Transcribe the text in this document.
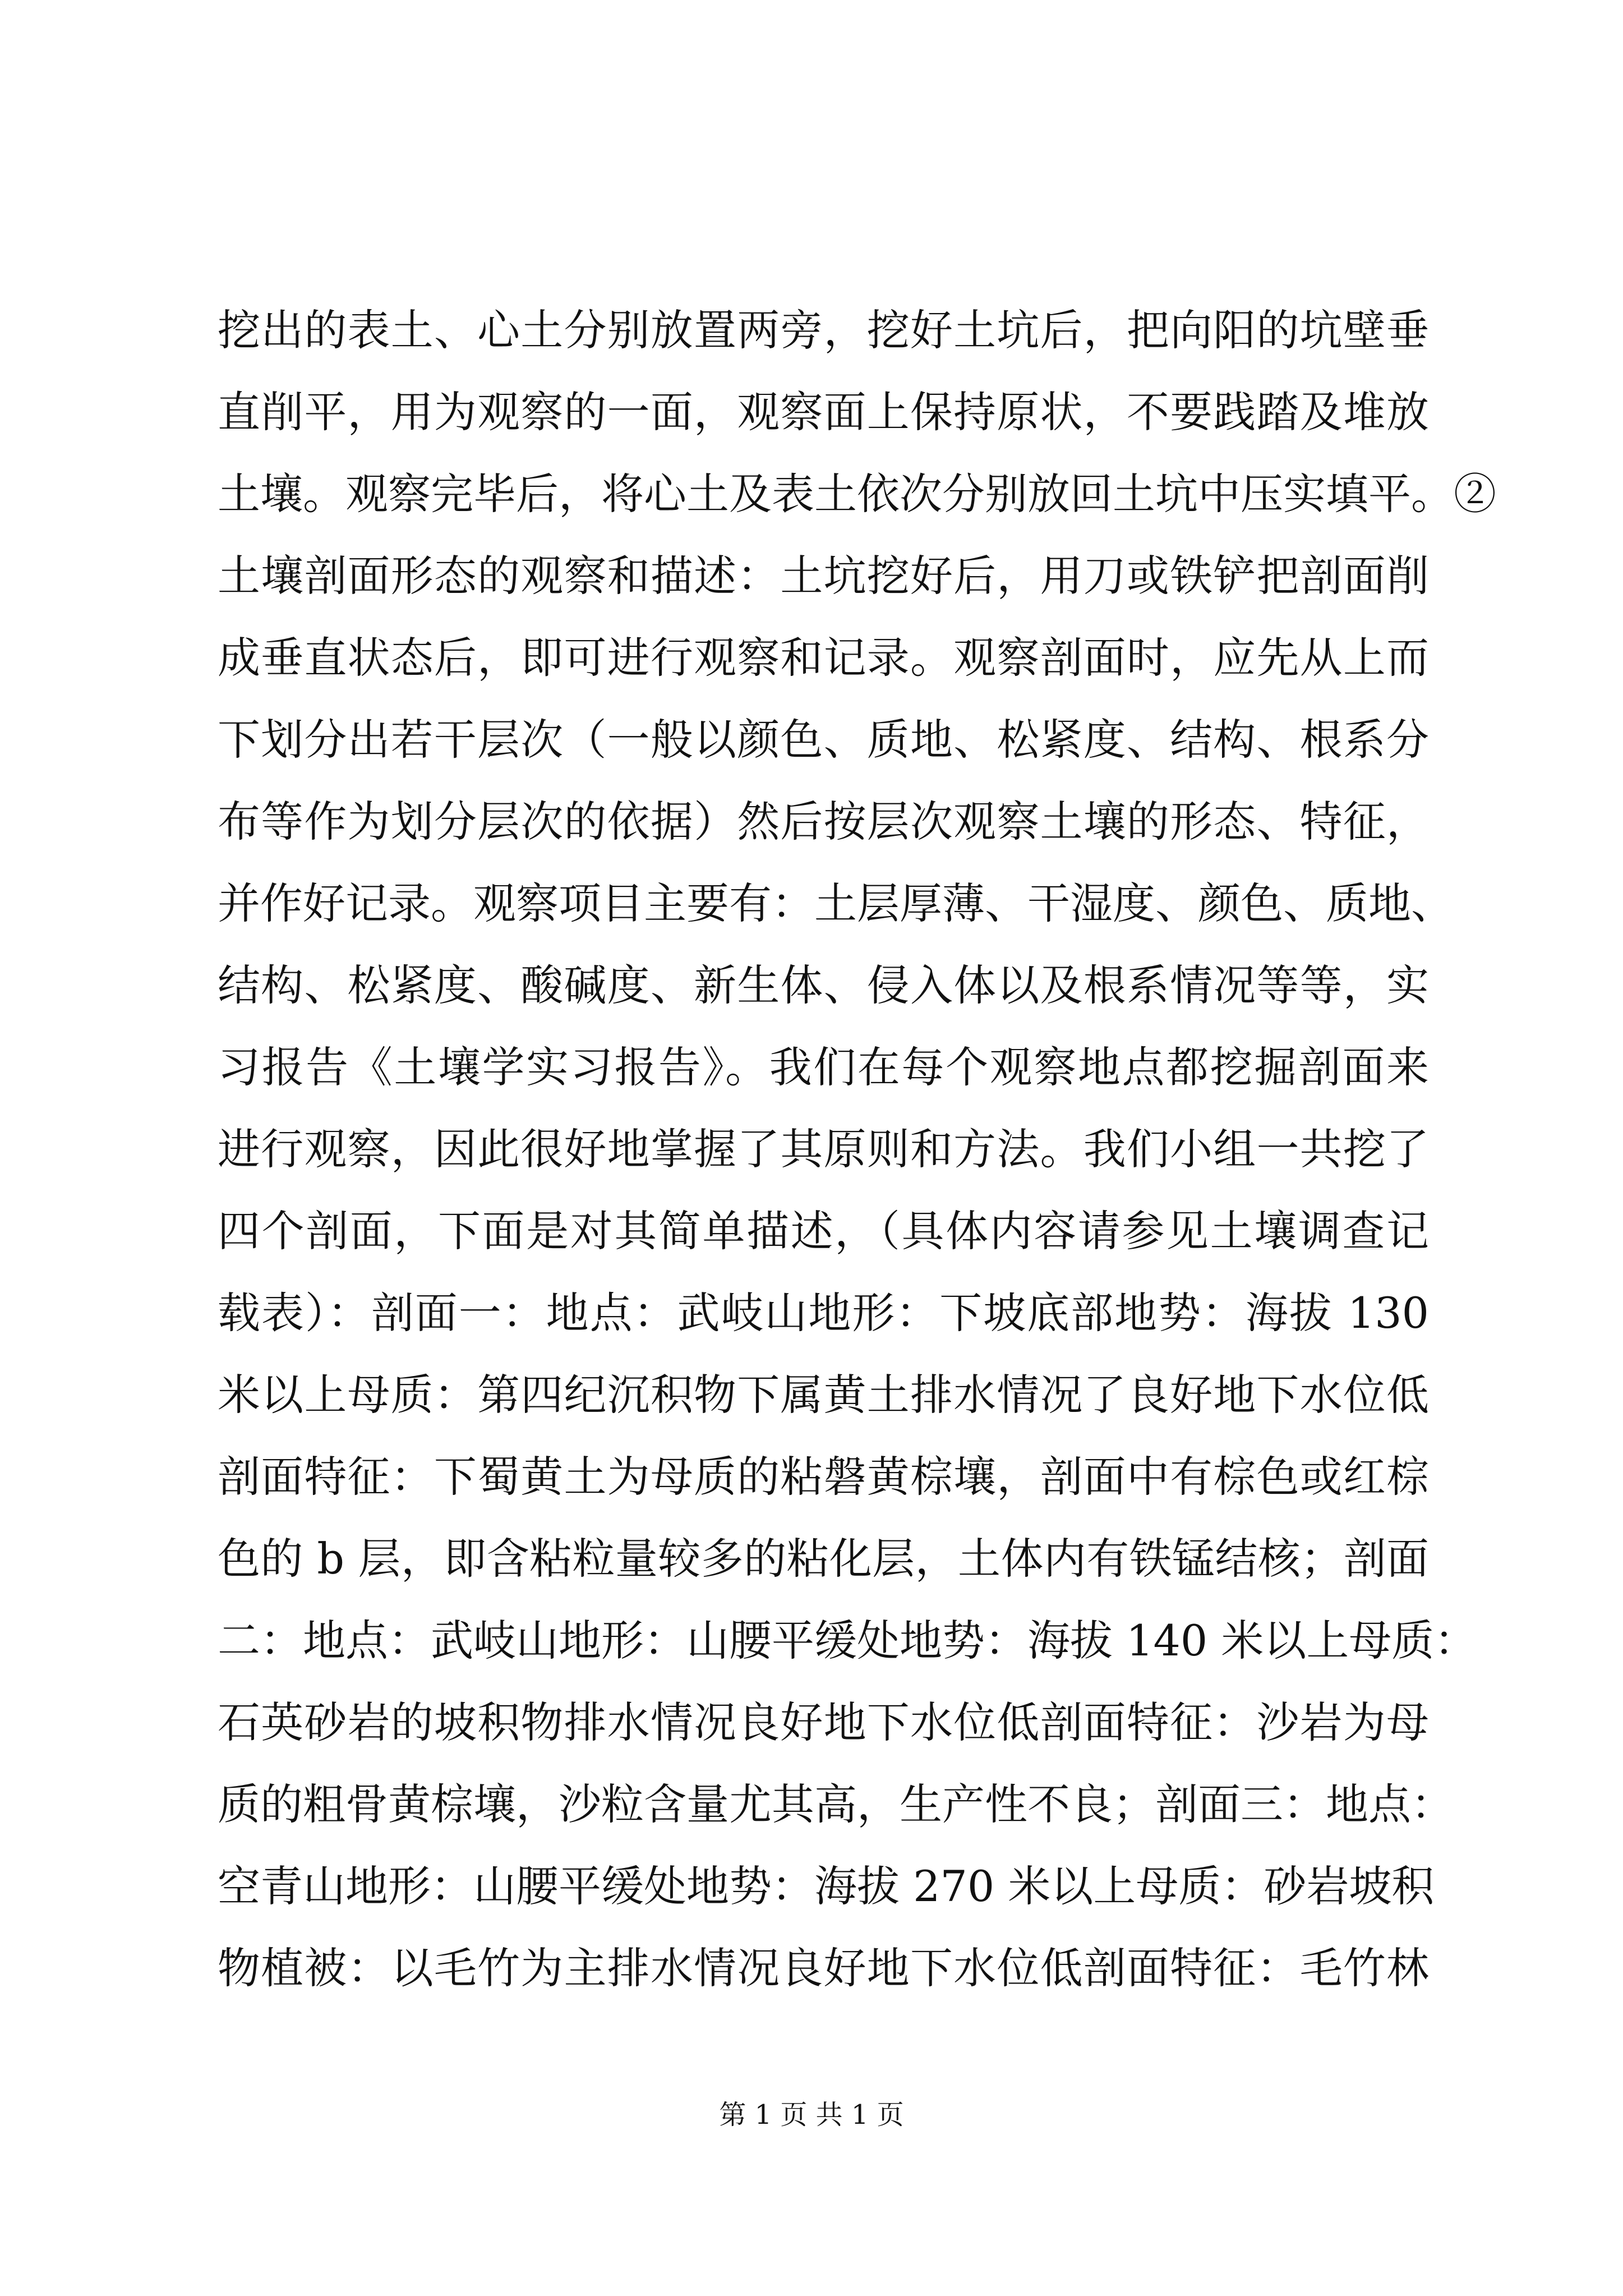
挖出的表土、心土分别放置两旁，挖好土坑后，把向阳的坑壁垂
直削平，用为观察的一面，观察面上保持原状，不要践踏及堆放
土壤。观察完毕后，将心土及表土依次分别放回土坑中压实填平。②
土壤剖面形态的观察和描述：土坑挖好后，用刀或铁铲把剖面削
成垂直状态后，即可进行观察和记录。观察剖面时，应先从上而
下划分出若干层次（一般以颜色、质地、松紧度、结构、根系分
布等作为划分层次的依据）然后按层次观察土壤的形态、特征，
并作好记录。观察项目主要有：土层厚薄、干湿度、颜色、质地、
结构、松紧度、酸碱度、新生体、侵入体以及根系情况等等，实
习报告《土壤学实习报告》。我们在每个观察地点都挖掘剖面来
进行观察，因此很好地掌握了其原则和方法。我们小组一共挖了
四个剖面，下面是对其简单描述，（具体内容请参见土壤调查记
载表）：剖面一：地点：武岐山地形：下坡底部地势：海拔 130
米以上母质：第四纪沉积物下属黄土排水情况了良好地下水位低
剖面特征：下蜀黄土为母质的粘磐黄棕壤，剖面中有棕色或红棕
色的 b 层，即含粘粒量较多的粘化层，土体内有铁锰结核；剖面
二：地点：武岐山地形：山腰平缓处地势：海拔 140 米以上母质：
石英砂岩的坡积物排水情况良好地下水位低剖面特征：沙岩为母
质的粗骨黄棕壤，沙粒含量尤其高，生产性不良；剖面三：地点：
空青山地形：山腰平缓处地势：海拔 270 米以上母质：砂岩坡积
物植被：以毛竹为主排水情况良好地下水位低剖面特征：毛竹林
第 1 页 共 1 页
